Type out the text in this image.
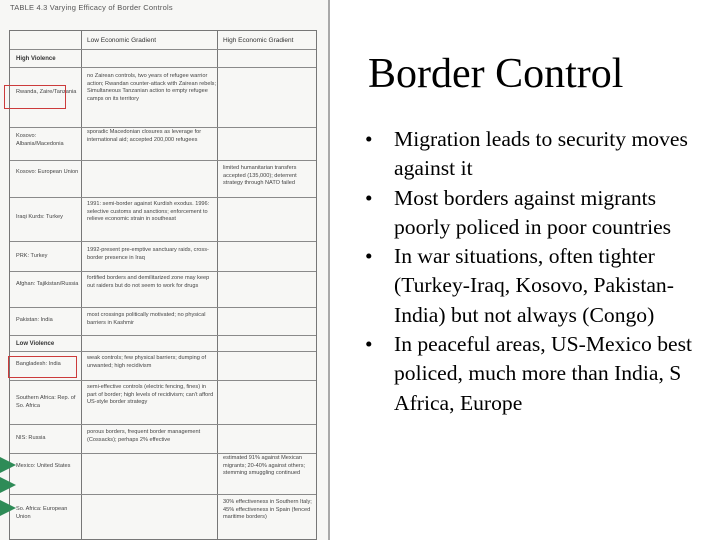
TABLE 4.3 Varying Efficacy of Border Controls
Low Economic Gradient	High Economic Gradient
High Violence
Rwanda, Zaire/Tanzania
no Zairean controls, two years of refugee warrior action; Rwandan counter-attack with Zairean rebels; Simultaneous Tanzanian action to empty refugee camps on its territory
Kosovo: Albania/Macedonia
sporadic Macedonian closures as leverage for international aid; accepted 200,000 refugees
Kosovo: European Union
limited humanitarian transfers accepted (135,000); deterrent strategy through NATO failed
Iraqi Kurds: Turkey
1991: semi-border against Kurdish exodus. 1996: selective customs and sanctions; enforcement to relieve economic strain in southeast
PRK: Turkey
1992-present pre-emptive sanctuary raids, cross-border presence in Iraq
Afghan: Tajikistan/Russia
fortified borders and demilitarized zone may keep out raiders but do not seem to work for drugs
Pakistan: India
most crossings politically motivated; no physical barriers in Kashmir
Low Violence
Bangladesh: India
weak controls; few physical barriers; dumping of unwanted; high recidivism
Southern Africa: Rep. of So. Africa
semi-effective controls (electric fencing, fines) in part of border; high levels of recidivism; can't afford US-style border strategy
NIS: Russia
porous borders, frequent border management (Cossacks); perhaps 2% effective
Mexico: United States
estimated 91% against Mexican migrants; 20-40% against others; stemming smuggling continued
So. Africa: European Union
30% effectiveness in Southern Italy; 45% effectiveness in Spain (fenced maritime borders)
Border Control
• Migration leads to security moves against it
• Most borders against migrants poorly policed in poor countries
• In war situations, often tighter (Turkey-Iraq, Kosovo, Pakistan-India) but not always (Congo)
• In peaceful areas, US-Mexico best policed, much more than India, S Africa, Europe
